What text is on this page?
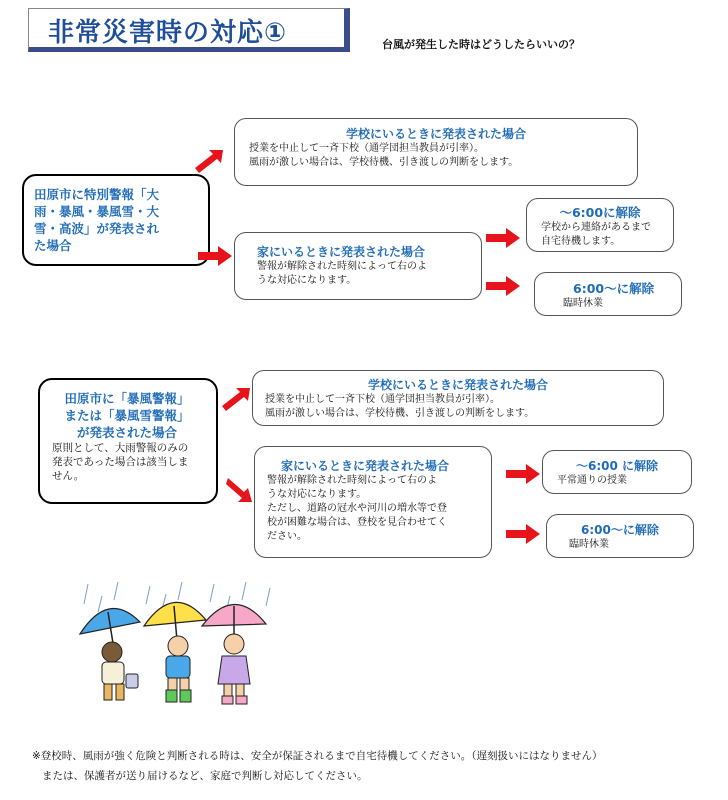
非常災害時の対応①	台風が発生した時はどうしたらいいの？
田原市に特別警報「大
雨・暴風・暴風雪・大
雪・高波」が発表され
た場合
学校にいるときに発表された場合
授業を中止して一斉下校（通学団担当教員が引率）。
風雨が激しい場合は、学校待機、引き渡しの判断をします。
家にいるときに発表された場合
警報が解除された時刻によって右のよ
うな対応になります。
～6:00に解除
学校から連絡があるまで
自宅待機します。
6:00～に解除
臨時休業
田原市に「暴風警報」
または「暴風雪警報」
が発表された場合
原則として、大雨警報のみの
発表であった場合は該当しま
せん。
学校にいるときに発表された場合
授業を中止して一斉下校（通学団担当教員が引率）。
風雨が激しい場合は、学校待機、引き渡しの判断をします。
家にいるときに発表された場合
警報が解除された時刻によって右のよ
うな対応になります。
ただし、道路の冠水や河川の増水等で登
校が困難な場合は、登校を見合わせてく
ださい。
～6:00 に解除
平常通りの授業
6:00～に解除
臨時休業
※登校時、風雨が強く危険と判断される時は、安全が保証されるまで自宅待機してください。（遅刻扱いにはなりません）
または、保護者が送り届けるなど、家庭で判断し対応してください。
